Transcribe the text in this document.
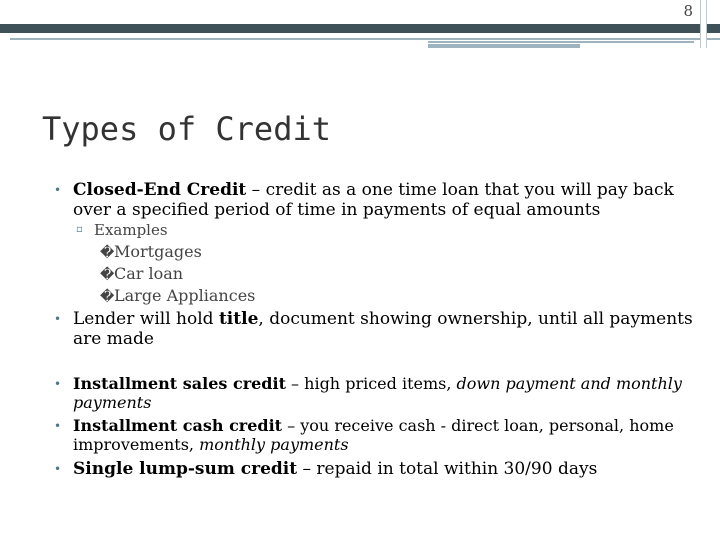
8
Types of Credit
• Closed-End Credit – credit as a one time loan that you will pay back over a specified period of time in payments of equal amounts
▫ Examples
�Mortgages
�Car loan
�Large Appliances
• Lender will hold title, document showing ownership, until all payments are made
• Installment sales credit – high priced items, down payment and monthly payments
• Installment cash credit – you receive cash - direct loan, personal, home improvements, monthly payments
• Single lump-sum credit – repaid in total within 30/90 days
